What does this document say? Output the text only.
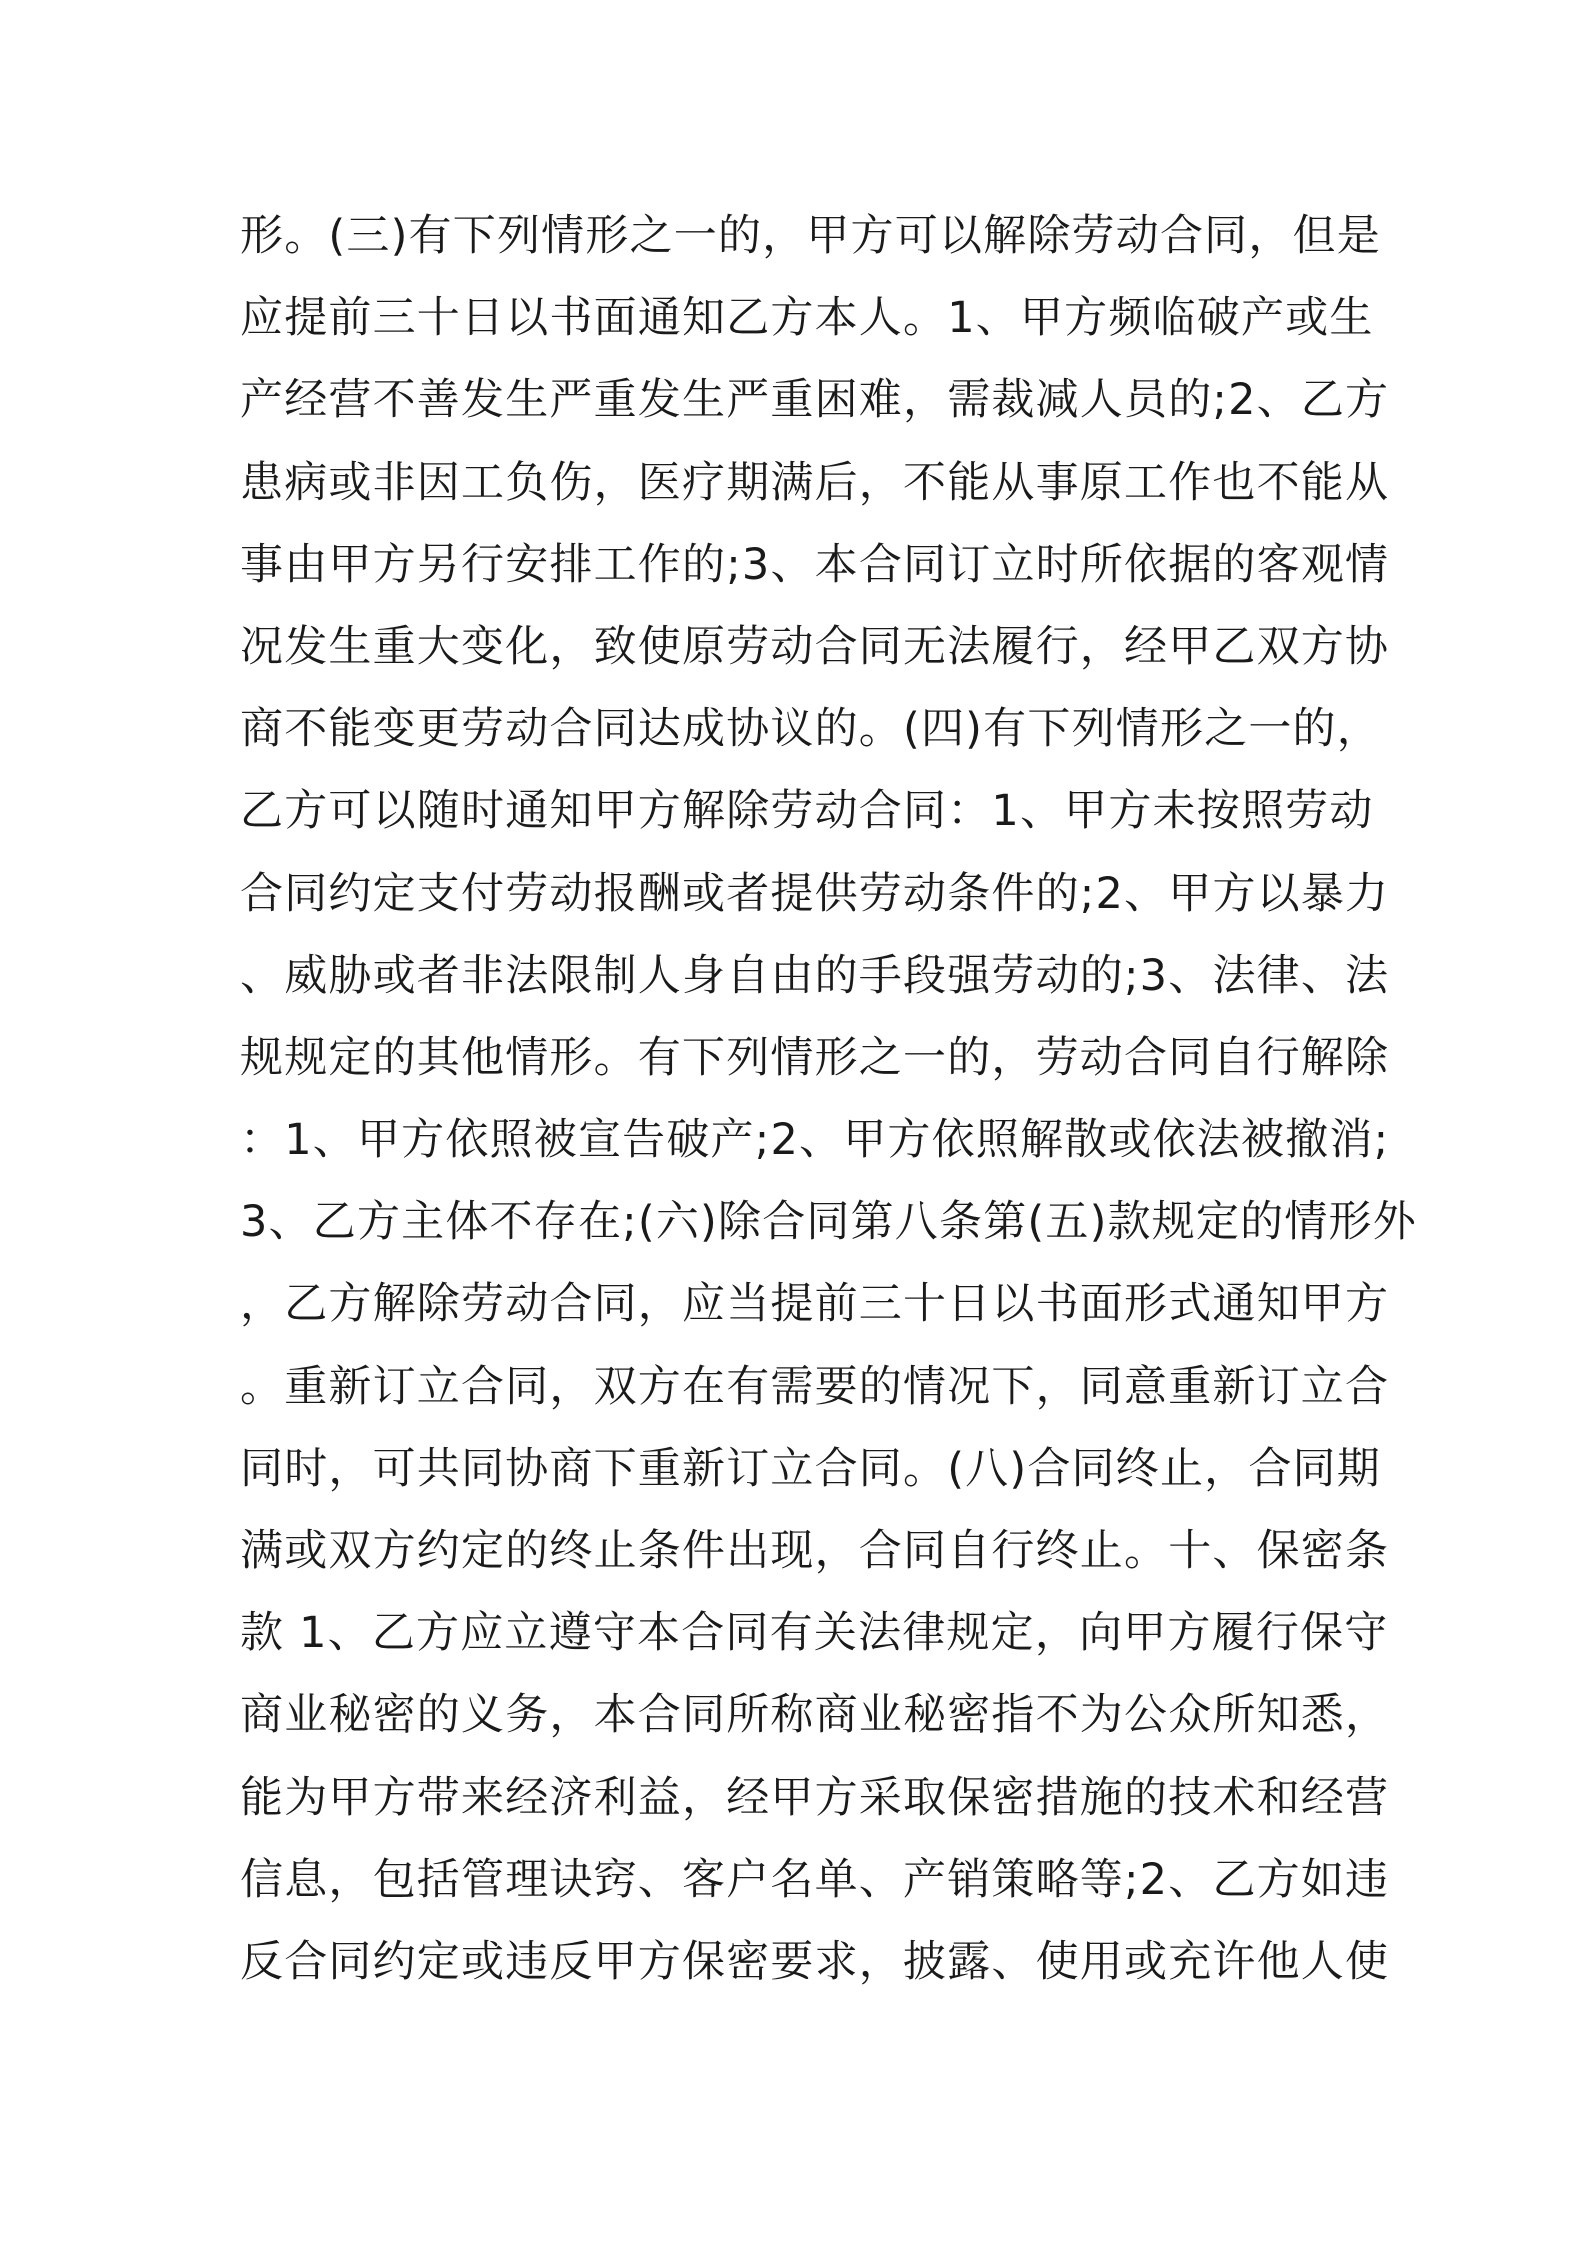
形。(三)有下列情形之一的，甲方可以解除劳动合同，但是
应提前三十日以书面通知乙方本人。1、甲方频临破产或生
产经营不善发生严重发生严重困难，需裁减人员的;2、乙方
患病或非因工负伤，医疗期满后，不能从事原工作也不能从
事由甲方另行安排工作的;3、本合同订立时所依据的客观情
况发生重大变化，致使原劳动合同无法履行，经甲乙双方协
商不能变更劳动合同达成协议的。(四)有下列情形之一的，
乙方可以随时通知甲方解除劳动合同：1、甲方未按照劳动
合同约定支付劳动报酬或者提供劳动条件的;2、甲方以暴力
、威胁或者非法限制人身自由的手段强劳动的;3、法律、法
规规定的其他情形。有下列情形之一的，劳动合同自行解除
：1、甲方依照被宣告破产;2、甲方依照解散或依法被撤消;
3、乙方主体不存在;(六)除合同第八条第(五)款规定的情形外
，乙方解除劳动合同，应当提前三十日以书面形式通知甲方
。重新订立合同，双方在有需要的情况下，同意重新订立合
同时，可共同协商下重新订立合同。(八)合同终止，合同期
满或双方约定的终止条件出现，合同自行终止。十、保密条
款 1、乙方应立遵守本合同有关法律规定，向甲方履行保守
商业秘密的义务，本合同所称商业秘密指不为公众所知悉，
能为甲方带来经济利益，经甲方采取保密措施的技术和经营
信息，包括管理诀窍、客户名单、产销策略等;2、乙方如违
反合同约定或违反甲方保密要求，披露、使用或充许他人使
